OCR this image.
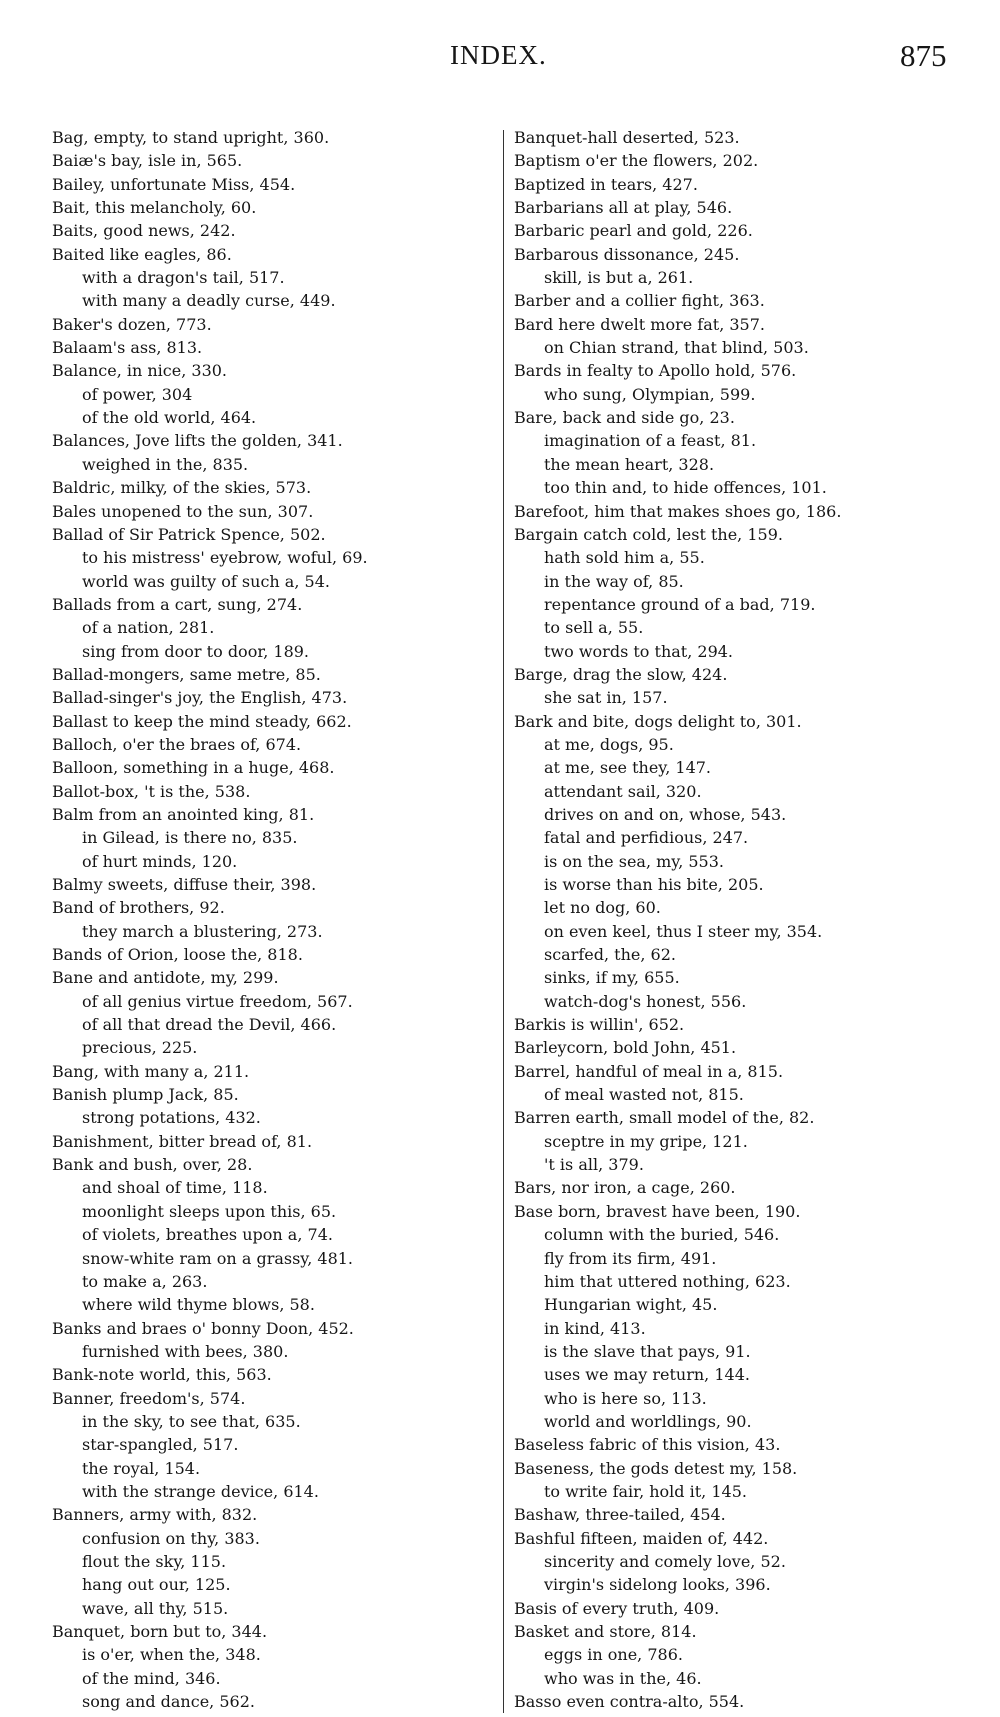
INDEX.	875
Bag, empty, to stand upright, 360.
Baiæ's bay, isle in, 565.
Bailey, unfortunate Miss, 454.
Bait, this melancholy, 60.
Baits, good news, 242.
Baited like eagles, 86.
with a dragon's tail, 517.
with many a deadly curse, 449.
Baker's dozen, 773.
Balaam's ass, 813.
Balance, in nice, 330.
of power, 304
of the old world, 464.
Balances, Jove lifts the golden, 341.
weighed in the, 835.
Baldric, milky, of the skies, 573.
Bales unopened to the sun, 307.
Ballad of Sir Patrick Spence, 502.
to his mistress' eyebrow, woful, 69.
world was guilty of such a, 54.
Ballads from a cart, sung, 274.
of a nation, 281.
sing from door to door, 189.
Ballad-mongers, same metre, 85.
Ballad-singer's joy, the English, 473.
Ballast to keep the mind steady, 662.
Balloch, o'er the braes of, 674.
Balloon, something in a huge, 468.
Ballot-box, 't is the, 538.
Balm from an anointed king, 81.
in Gilead, is there no, 835.
of hurt minds, 120.
Balmy sweets, diffuse their, 398.
Band of brothers, 92.
they march a blustering, 273.
Bands of Orion, loose the, 818.
Bane and antidote, my, 299.
of all genius virtue freedom, 567.
of all that dread the Devil, 466.
precious, 225.
Bang, with many a, 211.
Banish plump Jack, 85.
strong potations, 432.
Banishment, bitter bread of, 81.
Bank and bush, over, 28.
and shoal of time, 118.
moonlight sleeps upon this, 65.
of violets, breathes upon a, 74.
snow-white ram on a grassy, 481.
to make a, 263.
where wild thyme blows, 58.
Banks and braes o' bonny Doon, 452.
furnished with bees, 380.
Bank-note world, this, 563.
Banner, freedom's, 574.
in the sky, to see that, 635.
star-spangled, 517.
the royal, 154.
with the strange device, 614.
Banners, army with, 832.
confusion on thy, 383.
flout the sky, 115.
hang out our, 125.
wave, all thy, 515.
Banquet, born but to, 344.
is o'er, when the, 348.
of the mind, 346.
song and dance, 562.
Banquet-hall deserted, 523.
Baptism o'er the flowers, 202.
Baptized in tears, 427.
Barbarians all at play, 546.
Barbaric pearl and gold, 226.
Barbarous dissonance, 245.
skill, is but a, 261.
Barber and a collier fight, 363.
Bard here dwelt more fat, 357.
on Chian strand, that blind, 503.
Bards in fealty to Apollo hold, 576.
who sung, Olympian, 599.
Bare, back and side go, 23.
imagination of a feast, 81.
the mean heart, 328.
too thin and, to hide offences, 101.
Barefoot, him that makes shoes go, 186.
Bargain catch cold, lest the, 159.
hath sold him a, 55.
in the way of, 85.
repentance ground of a bad, 719.
to sell a, 55.
two words to that, 294.
Barge, drag the slow, 424.
she sat in, 157.
Bark and bite, dogs delight to, 301.
at me, dogs, 95.
at me, see they, 147.
attendant sail, 320.
drives on and on, whose, 543.
fatal and perfidious, 247.
is on the sea, my, 553.
is worse than his bite, 205.
let no dog, 60.
on even keel, thus I steer my, 354.
scarfed, the, 62.
sinks, if my, 655.
watch-dog's honest, 556.
Barkis is willin', 652.
Barleycorn, bold John, 451.
Barrel, handful of meal in a, 815.
of meal wasted not, 815.
Barren earth, small model of the, 82.
sceptre in my gripe, 121.
't is all, 379.
Bars, nor iron, a cage, 260.
Base born, bravest have been, 190.
column with the buried, 546.
fly from its firm, 491.
him that uttered nothing, 623.
Hungarian wight, 45.
in kind, 413.
is the slave that pays, 91.
uses we may return, 144.
who is here so, 113.
world and worldlings, 90.
Baseless fabric of this vision, 43.
Baseness, the gods detest my, 158.
to write fair, hold it, 145.
Bashaw, three-tailed, 454.
Bashful fifteen, maiden of, 442.
sincerity and comely love, 52.
virgin's sidelong looks, 396.
Basis of every truth, 409.
Basket and store, 814.
eggs in one, 786.
who was in the, 46.
Basso even contra-alto, 554.
